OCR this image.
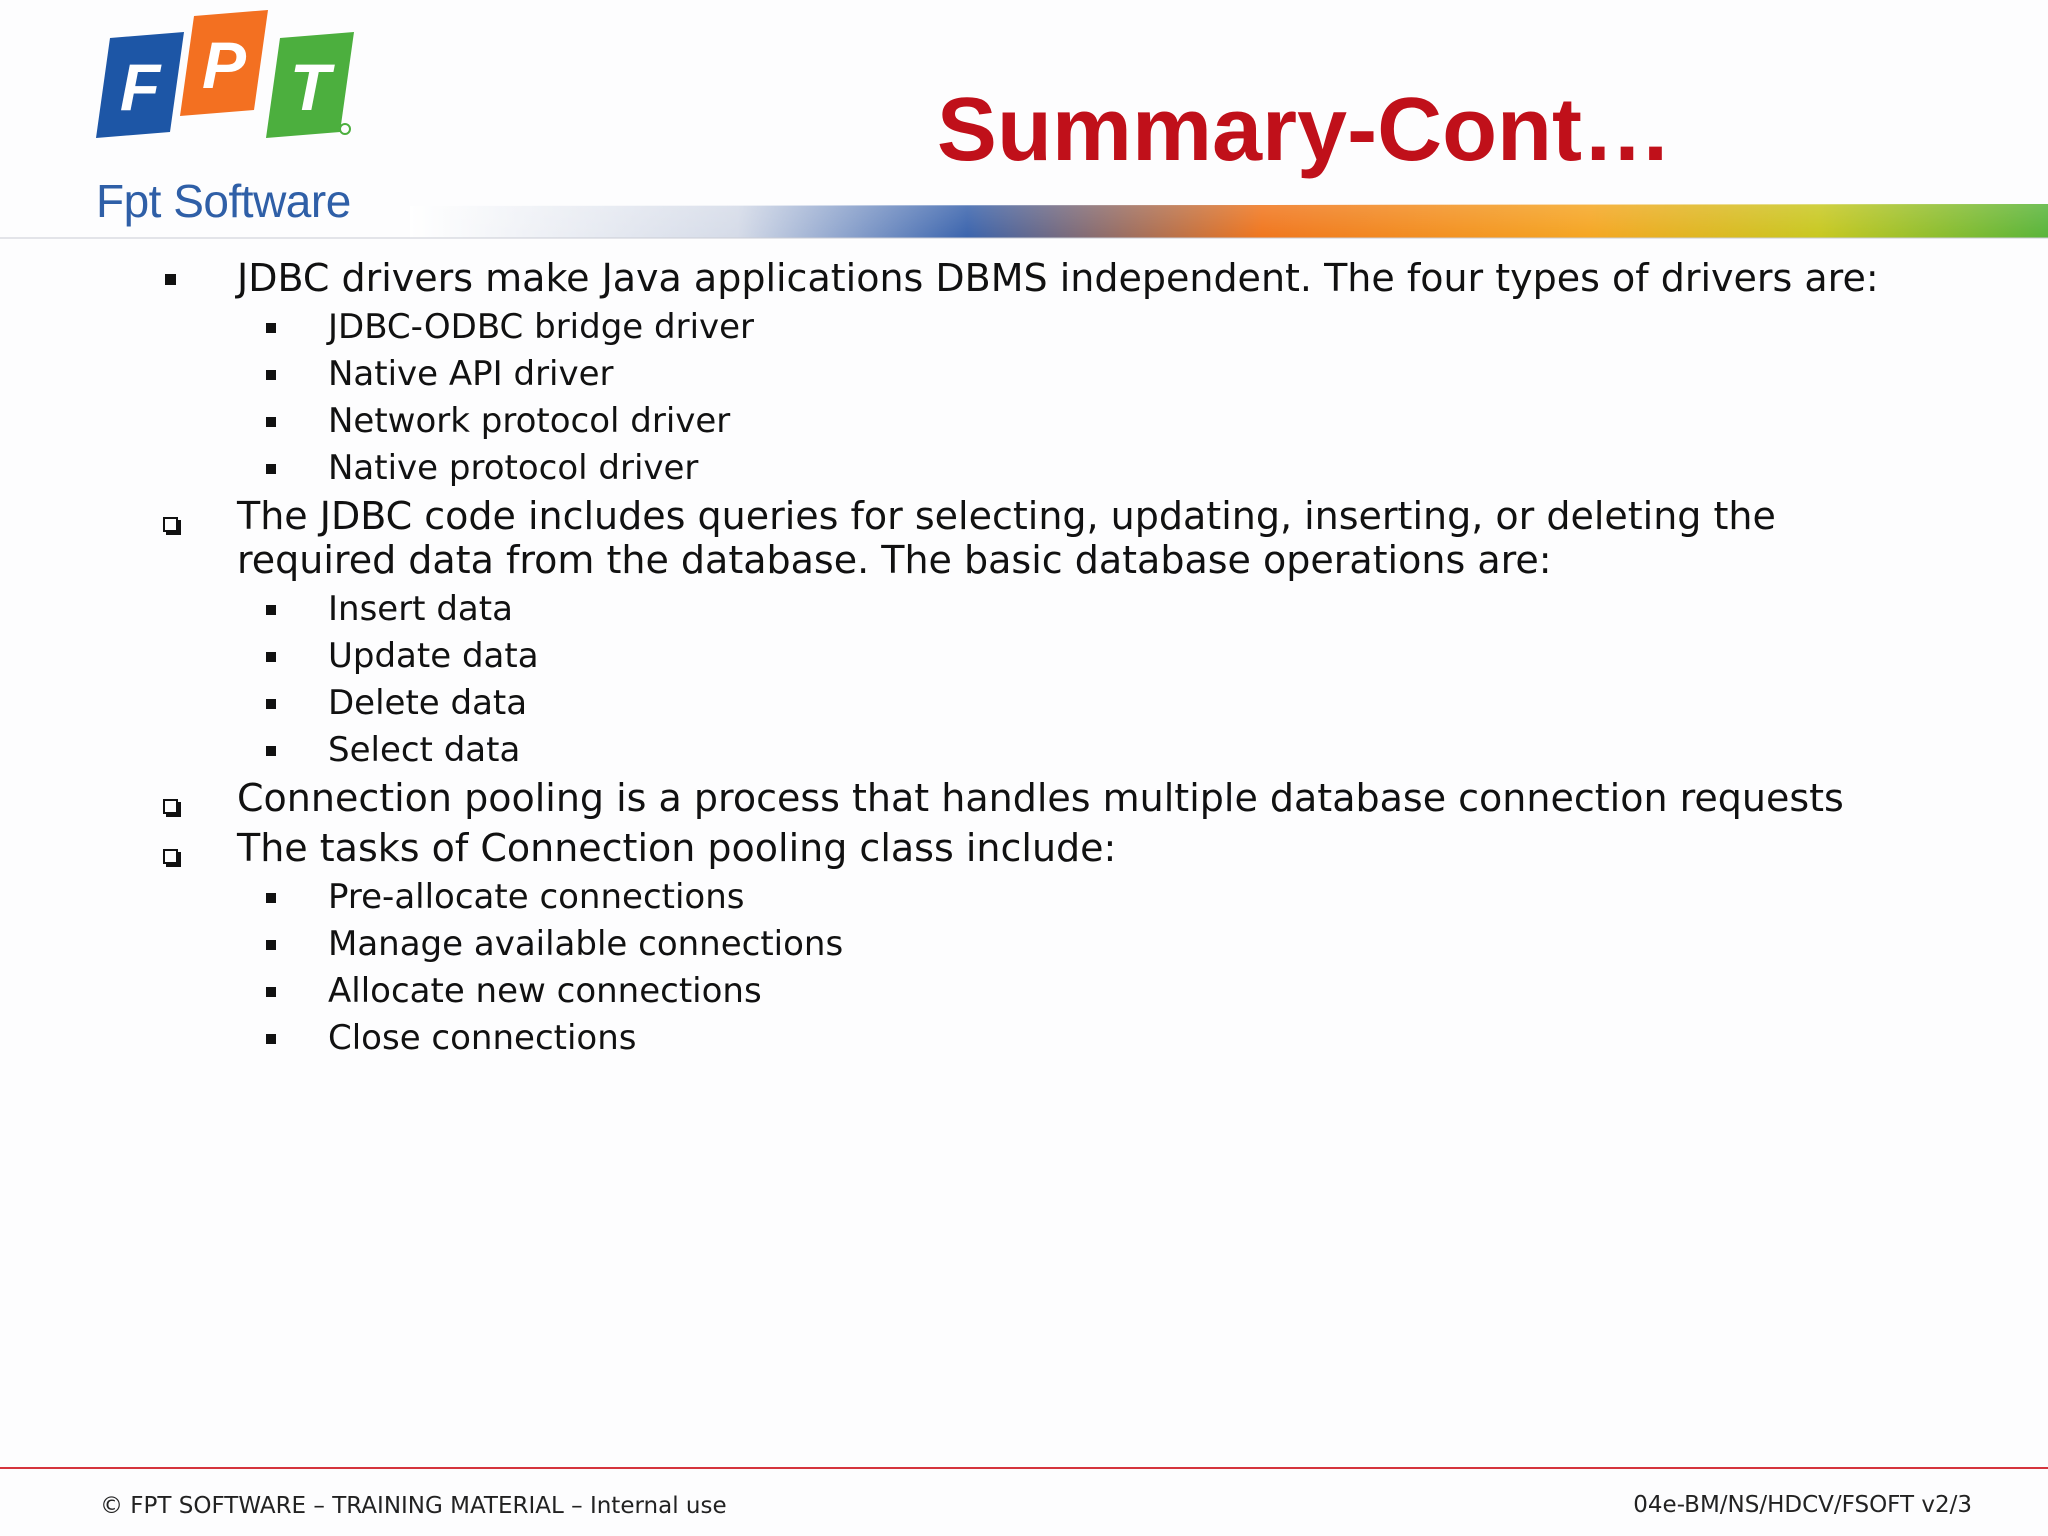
F P T
Fpt Software
Summary-Cont…
JDBC drivers make Java applications DBMS independent. The four types of drivers are:
JDBC-ODBC bridge driver
Native API driver
Network protocol driver
Native protocol driver
The JDBC code includes queries for selecting, updating, inserting, or deleting the required data from the database. The basic database operations are:
Insert data
Update data
Delete data
Select data
Connection pooling is a process that handles multiple database connection requests
The tasks of Connection pooling class include:
Pre-allocate connections
Manage available connections
Allocate new connections
Close connections
© FPT SOFTWARE – TRAINING MATERIAL – Internal use	04e-BM/NS/HDCV/FSOFT v2/3
